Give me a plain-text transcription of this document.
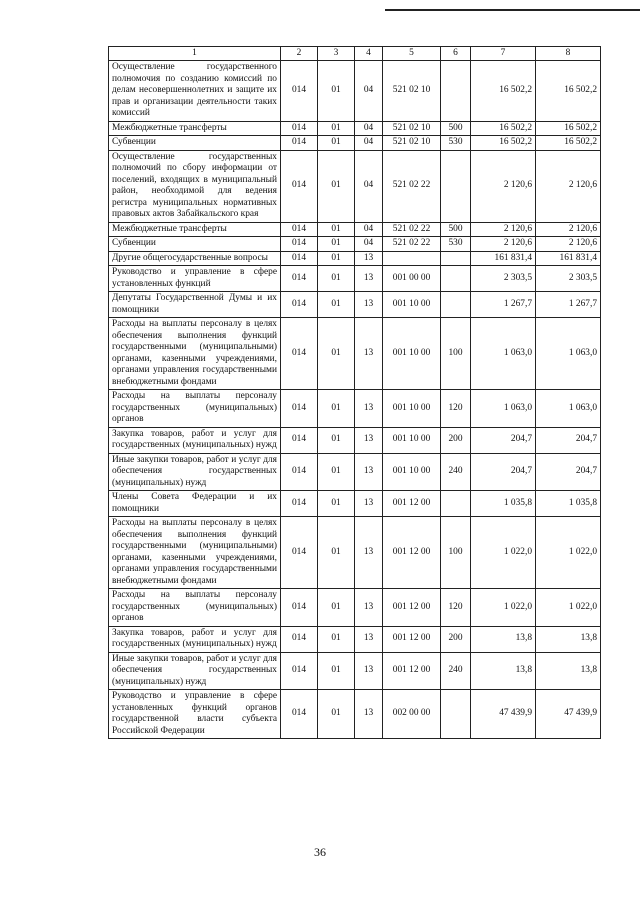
1	2	3	4	5	6	7	8
Осуществление государственного полномочия по созданию комиссий по делам несовершеннолетних и защите их прав и организации деятельности таких комиссий	014	01	04	521 02 10		16 502,2	16 502,2
Межбюджетные трансферты	014	01	04	521 02 10	500	16 502,2	16 502,2
Субвенции	014	01	04	521 02 10	530	16 502,2	16 502,2
Осуществление государственных полномочий по сбору информации от поселений, входящих в муниципальный район, необходимой для ведения регистра муниципальных нормативных правовых актов Забайкальского края	014	01	04	521 02 22		2 120,6	2 120,6
Межбюджетные трансферты	014	01	04	521 02 22	500	2 120,6	2 120,6
Субвенции	014	01	04	521 02 22	530	2 120,6	2 120,6
Другие общегосударственные вопросы	014	01	13			161 831,4	161 831,4
Руководство и управление в сфере установленных функций	014	01	13	001 00 00		2 303,5	2 303,5
Депутаты Государственной Думы и их помощники	014	01	13	001 10 00		1 267,7	1 267,7
Расходы на выплаты персоналу в целях обеспечения выполнения функций государственными (муниципальными) органами, казенными учреждениями, органами управления государственными внебюджетными фондами	014	01	13	001 10 00	100	1 063,0	1 063,0
Расходы на выплаты персоналу государственных (муниципальных) органов	014	01	13	001 10 00	120	1 063,0	1 063,0
Закупка товаров, работ и услуг для государственных (муниципальных) нужд	014	01	13	001 10 00	200	204,7	204,7
Иные закупки товаров, работ и услуг для обеспечения государственных (муниципальных) нужд	014	01	13	001 10 00	240	204,7	204,7
Члены Совета Федерации и их помощники	014	01	13	001 12 00		1 035,8	1 035,8
Расходы на выплаты персоналу в целях обеспечения выполнения функций государственными (муниципальными) органами, казенными учреждениями, органами управления государственными внебюджетными фондами	014	01	13	001 12 00	100	1 022,0	1 022,0
Расходы на выплаты персоналу государственных (муниципальных) органов	014	01	13	001 12 00	120	1 022,0	1 022,0
Закупка товаров, работ и услуг для государственных (муниципальных) нужд	014	01	13	001 12 00	200	13,8	13,8
Иные закупки товаров, работ и услуг для обеспечения государственных (муниципальных) нужд	014	01	13	001 12 00	240	13,8	13,8
Руководство и управление в сфере установленных функций органов государственной власти субъекта Российской Федерации	014	01	13	002 00 00		47 439,9	47 439,9
36
